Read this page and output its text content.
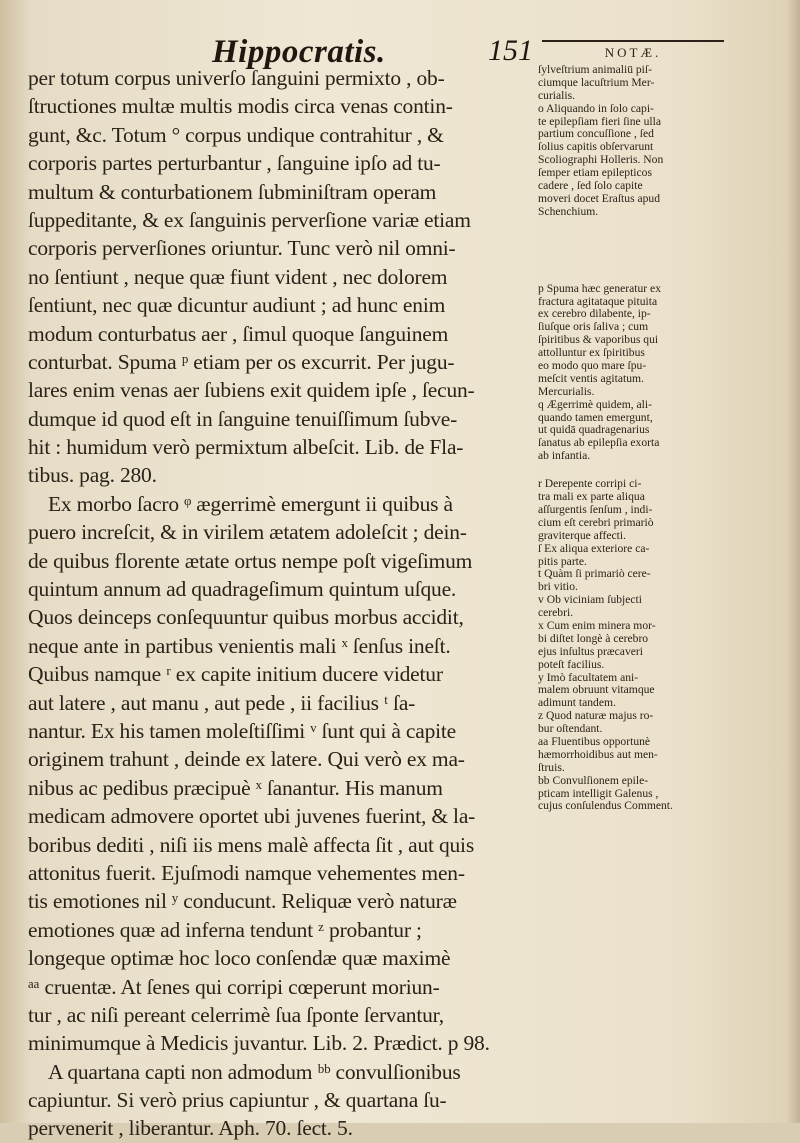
Hippocratis.	151	NOTÆ.
per totum corpus univerſo ſanguini permixto , ob-
ſtructiones multæ multis modis circa venas contin-
gunt, &c. Totum ° corpus undique contrahitur , &
corporis partes perturbantur , ſanguine ipſo ad tu-
multum & conturbationem ſubminiſtram operam
ſuppeditante, & ex ſanguinis perverſione variæ etiam
corporis perverſiones oriuntur. Tunc verò nil omni-
no ſentiunt , neque quæ fiunt vident , nec dolorem
ſentiunt, nec quæ dicuntur audiunt ; ad hunc enim
modum conturbatus aer , ſimul quoque ſanguinem
conturbat. Spuma ᵖ etiam per os excurrit. Per jugu-
lares enim venas aer ſubiens exit quidem ipſe , ſecun-
dumque id quod eſt in ſanguine tenuiſſimum ſubve-
hit : humidum verò permixtum albeſcit. Lib. de Fla-
tibus. pag. 280.
Ex morbo ſacro ᵠ ægerrimè emergunt ii quibus à
puero increſcit, & in virilem ætatem adoleſcit ; dein-
de quibus florente ætate ortus nempe poſt vigeſimum
quintum annum ad quadrageſimum quintum uſque.
Quos deinceps conſequuntur quibus morbus accidit,
neque ante in partibus venientis mali ˣ ſenſus ineſt.
Quibus namque ʳ ex capite initium ducere videtur
aut latere , aut manu , aut pede , ii facilius ᵗ ſa-
nantur. Ex his tamen moleſtiſſimi ᵛ ſunt qui à capite
originem trahunt , deinde ex latere. Qui verò ex ma-
nibus ac pedibus præcipuè ˣ ſanantur. His manum
medicam admovere oportet ubi juvenes fuerint, & la-
boribus dediti , niſi iis mens malè affecta ſit , aut quis
attonitus fuerit. Ejuſmodi namque vehementes men-
tis emotiones nil ʸ conducunt. Reliquæ verò naturæ
emotiones quæ ad inferna tendunt ᶻ probantur ;
longeque optimæ hoc loco conſendæ quæ maximè
ᵃᵃ cruentæ. At ſenes qui corripi cœperunt moriun-
tur , ac niſi pereant celerrimè ſua ſponte ſervantur,
minimumque à Medicis juvantur. Lib. 2. Prædict. p 98.
A quartana capti non admodum ᵇᵇ convulſionibus
capiuntur. Si verò prius capiuntur , & quartana ſu-
pervenerit , liberantur. Aph. 70. ſect. 5.
ſylveſtrium animaliū piſ-
ciumque lacuſtrium Mer-
curialis.
o Aliquando in ſolo capi-
te epilepſiam fieri ſine ulla
partium concuſſione , ſed
ſolius capitis obſervarunt
Scoliographi Holleris. Non
ſemper etiam epilepticos
cadere , ſed ſolo capite
moveri docet Eraſtus apud
Schenchium.
p Spuma hæc generatur ex
fractura agitataque pituita
ex cerebro dilabente, ip-
ſiuſque oris ſaliva ; cum
ſpiritibus & vaporibus qui
attolluntur ex ſpiritibus
eo modo quo mare ſpu-
meſcit ventis agitatum.
Mercurialis.
q Ægerrimè quidem, ali-
quando tamen emergunt,
ut quidā quadragenarius
ſanatus ab epilepſia exorta
ab infantia.
r Derepente corripi ci-
tra mali ex parte aliqua
aſſurgentis ſenſum , indi-
cium eſt cerebri primariò
graviterque affecti.
ſ Ex aliqua exteriore ca-
pitis parte.
t Quàm ſi primariò cere-
bri vitio.
v Ob viciniam ſubjecti
cerebri.
x Cum enim minera mor-
bi diſtet longè à cerebro
ejus inſultus præcaveri
poteſt facilius.
y Imò facultatem ani-
malem obruunt vitamque
adimunt tandem.
z Quod naturæ majus ro-
bur oſtendant.
aa Fluentibus opportunè
hæmorrhoidibus aut men-
ſtruis.
bb Convulſionem epile-
pticam intelligit Galenus ,
cujus conſulendus Comment.
